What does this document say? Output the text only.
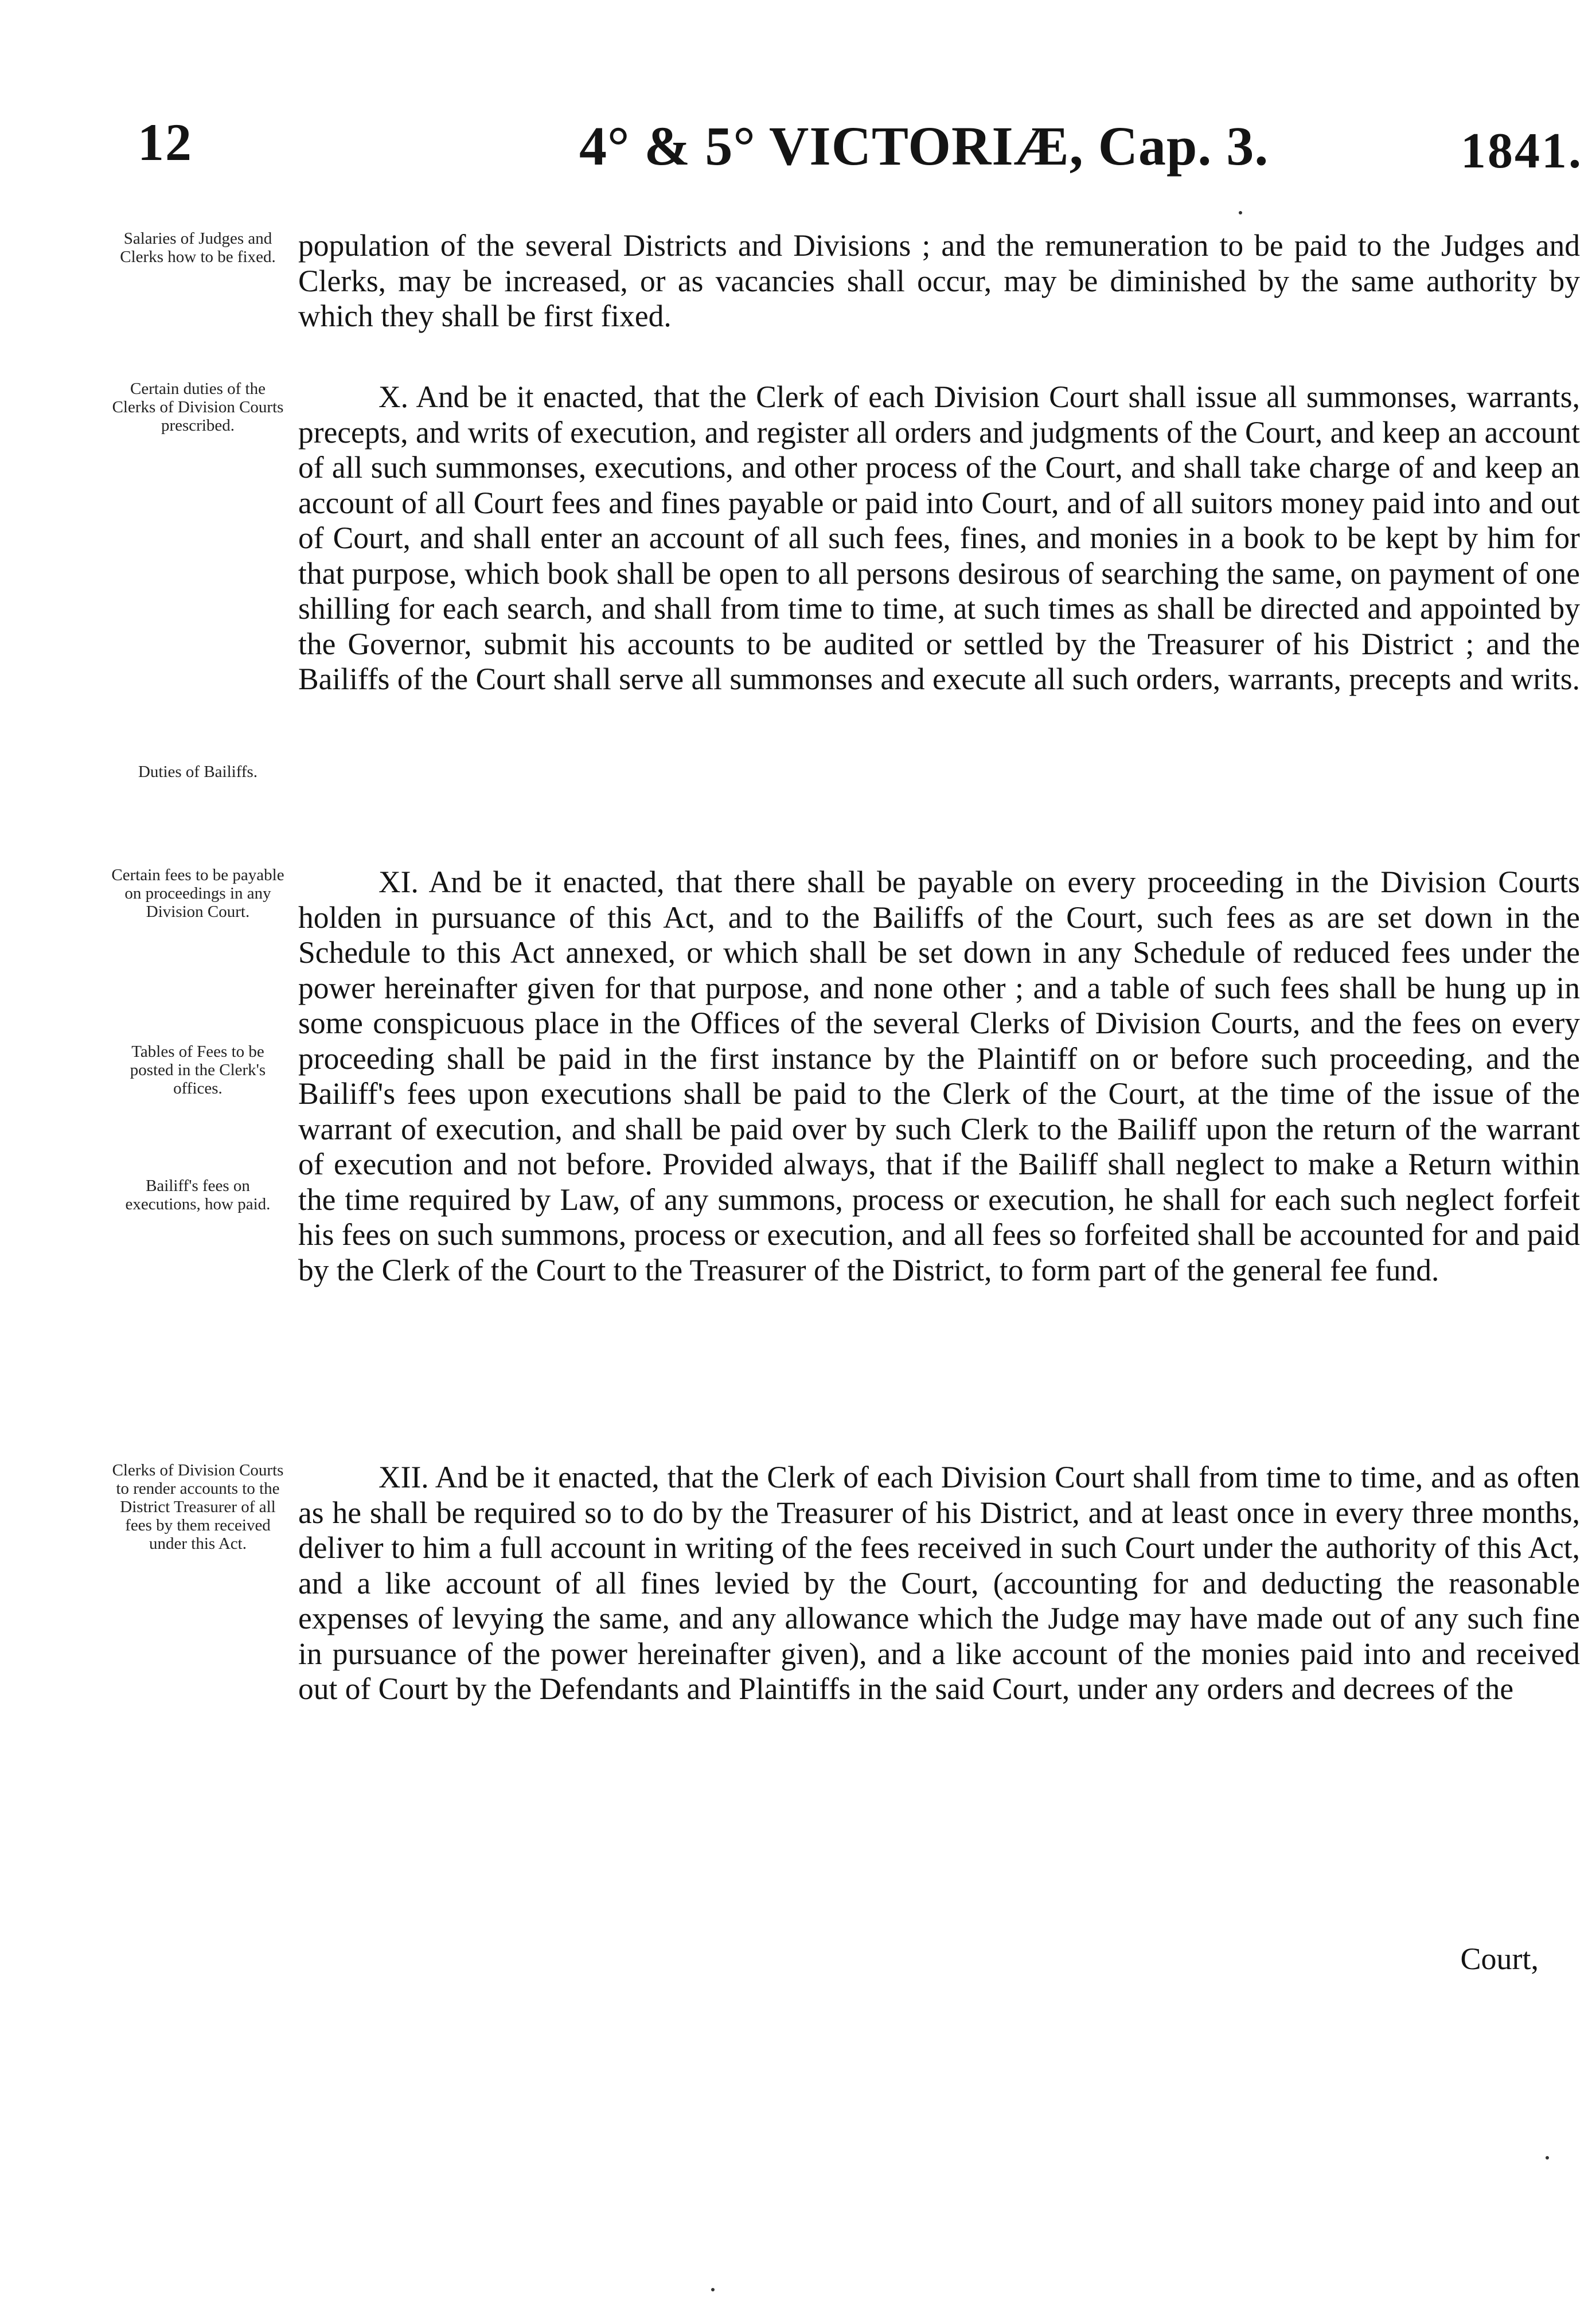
12	4° & 5° VICTORIÆ, Cap. 3.	1841.
Salaries of Judges and Clerks how to be fixed.
Certain duties of the Clerks of Division Courts prescribed.
Duties of Bailiffs.
Certain fees to be payable on proceedings in any Division Court.
Tables of Fees to be posted in the Clerk's offices.
Bailiff's fees on executions, how paid.
Clerks of Division Courts to render accounts to the District Treasurer of all fees by them received under this Act.

population of the several Districts and Divisions ; and the remuneration to be paid to the Judges and Clerks, may be increased, or as vacancies shall occur, may be diminished by the same authority by which they shall be first fixed.

X. And be it enacted, that the Clerk of each Division Court shall issue all summonses, warrants, precepts, and writs of execution, and register all orders and judgments of the Court, and keep an account of all such summonses, executions, and other process of the Court, and shall take charge of and keep an account of all Court fees and fines payable or paid into Court, and of all suitors money paid into and out of Court, and shall enter an account of all such fees, fines, and monies in a book to be kept by him for that purpose, which book shall be open to all persons desirous of searching the same, on payment of one shilling for each search, and shall from time to time, at such times as shall be directed and appointed by the Governor, submit his accounts to be audited or settled by the Treasurer of his District ; and the Bailiffs of the Court shall serve all summonses and execute all such orders, warrants, precepts and writs.

XI. And be it enacted, that there shall be payable on every proceeding in the Division Courts holden in pursuance of this Act, and to the Bailiffs of the Court, such fees as are set down in the Schedule to this Act annexed, or which shall be set down in any Schedule of reduced fees under the power hereinafter given for that purpose, and none other ; and a table of such fees shall be hung up in some conspicuous place in the Offices of the several Clerks of Division Courts, and the fees on every proceeding shall be paid in the first instance by the Plaintiff on or before such proceeding, and the Bailiff's fees upon executions shall be paid to the Clerk of the Court, at the time of the issue of the warrant of execution, and shall be paid over by such Clerk to the Bailiff upon the return of the warrant of execution and not before. Provided always, that if the Bailiff shall neglect to make a Return within the time required by Law, of any summons, process or execution, he shall for each such neglect forfeit his fees on such summons, process or execution, and all fees so forfeited shall be accounted for and paid by the Clerk of the Court to the Treasurer of the District, to form part of the general fee fund.

XII. And be it enacted, that the Clerk of each Division Court shall from time to time, and as often as he shall be required so to do by the Treasurer of his District, and at least once in every three months, deliver to him a full account in writing of the fees received in such Court under the authority of this Act, and a like account of all fines levied by the Court, (accounting for and deducting the reasonable expenses of levying the same, and any allowance which the Judge may have made out of any such fine in pursuance of the power hereinafter given), and a like account of the monies paid into and received out of Court by the Defendants and Plaintiffs in the said Court, under any orders and decrees of the

Court,
